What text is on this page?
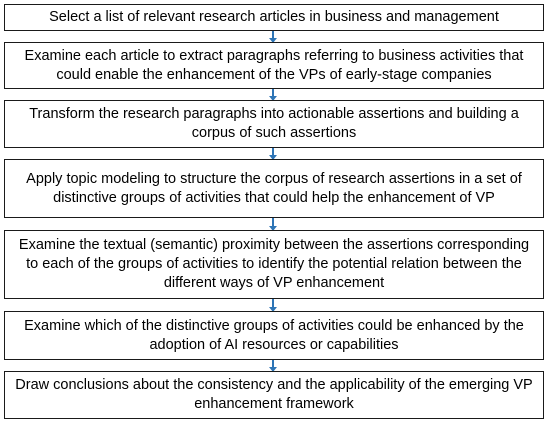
Select a list of relevant research articles in business and management
Examine each article to extract paragraphs referring to business activities that could enable the enhancement of the VPs of early-stage companies
Transform the research paragraphs into actionable assertions and building a corpus of such assertions
Apply topic modeling to structure the corpus of research assertions in a set of distinctive groups of activities that could help the enhancement of VP
Examine the textual (semantic) proximity between the assertions corresponding to each of the groups of activities to identify the potential relation between the different ways of VP enhancement
Examine which of the distinctive groups of activities could be enhanced by the adoption of AI resources or capabilities
Draw conclusions about the consistency and the applicability of the emerging VP enhancement framework
